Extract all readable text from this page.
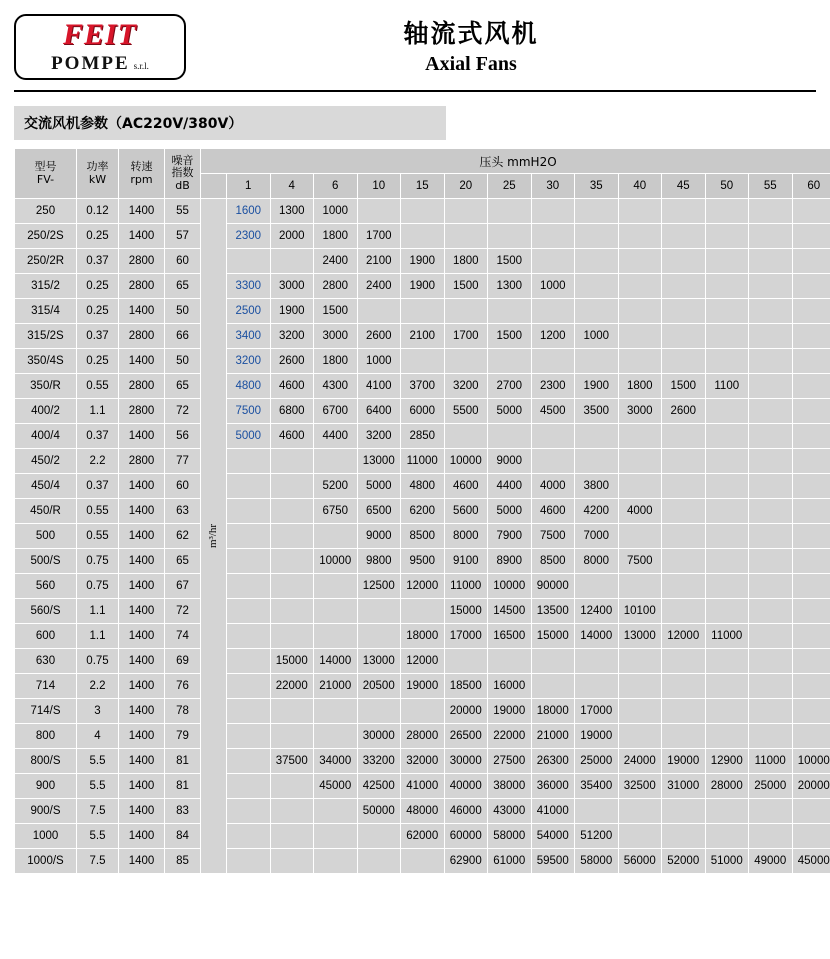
FEIT
POMPE s.r.l.
轴流式风机
Axial Fans
交流风机参数（AC220V/380V）
型号
FV-

功率
kW

转速
rpm

噪音
指数
dB
	压头 mmH2O
					1	4	6	10	15	20	25	30	35	40	45	50	55	60
250	0.12	1400	55	m³/hr	1600	1300	1000											
250/2S	0.25	1400	57		2300	2000	1800	1700										
250/2R	0.37	2800	60				2400	2100	1900	1800	1500							
315/2	0.25	2800	65		3300	3000	2800	2400	1900	1500	1300	1000						
315/4	0.25	1400	50		2500	1900	1500											
315/2S	0.37	2800	66		3400	3200	3000	2600	2100	1700	1500	1200	1000					
350/4S	0.25	1400	50		3200	2600	1800	1000										
350/R	0.55	2800	65		4800	4600	4300	4100	3700	3200	2700	2300	1900	1800	1500	1100		
400/2	1.1	2800	72		7500	6800	6700	6400	6000	5500	5000	4500	3500	3000	2600			
400/4	0.37	1400	56		5000	4600	4400	3200	2850									
450/2	2.2	2800	77					13000	11000	10000	9000							
450/4	0.37	1400	60				5200	5000	4800	4600	4400	4000	3800					
450/R	0.55	1400	63				6750	6500	6200	5600	5000	4600	4200	4000				
500	0.55	1400	62					9000	8500	8000	7900	7500	7000					
500/S	0.75	1400	65				10000	9800	9500	9100	8900	8500	8000	7500				
560	0.75	1400	67					12500	12000	11000	10000	90000						
560/S	1.1	1400	72							15000	14500	13500	12400	10100				
600	1.1	1400	74						18000	17000	16500	15000	14000	13000	12000	11000		
630	0.75	1400	69			15000	14000	13000	12000									
714	2.2	1400	76			22000	21000	20500	19000	18500	16000							
714/S	3	1400	78							20000	19000	18000	17000					
800	4	1400	79					30000	28000	26500	22000	21000	19000					
800/S	5.5	1400	81			37500	34000	33200	32000	30000	27500	26300	25000	24000	19000	12900	11000	10000
900	5.5	1400	81				45000	42500	41000	40000	38000	36000	35400	32500	31000	28000	25000	20000
900/S	7.5	1400	83					50000	48000	46000	43000	41000						
1000	5.5	1400	84						62000	60000	58000	54000	51200					
1000/S	7.5	1400	85							62900	61000	59500	58000	56000	52000	51000	49000	45000
